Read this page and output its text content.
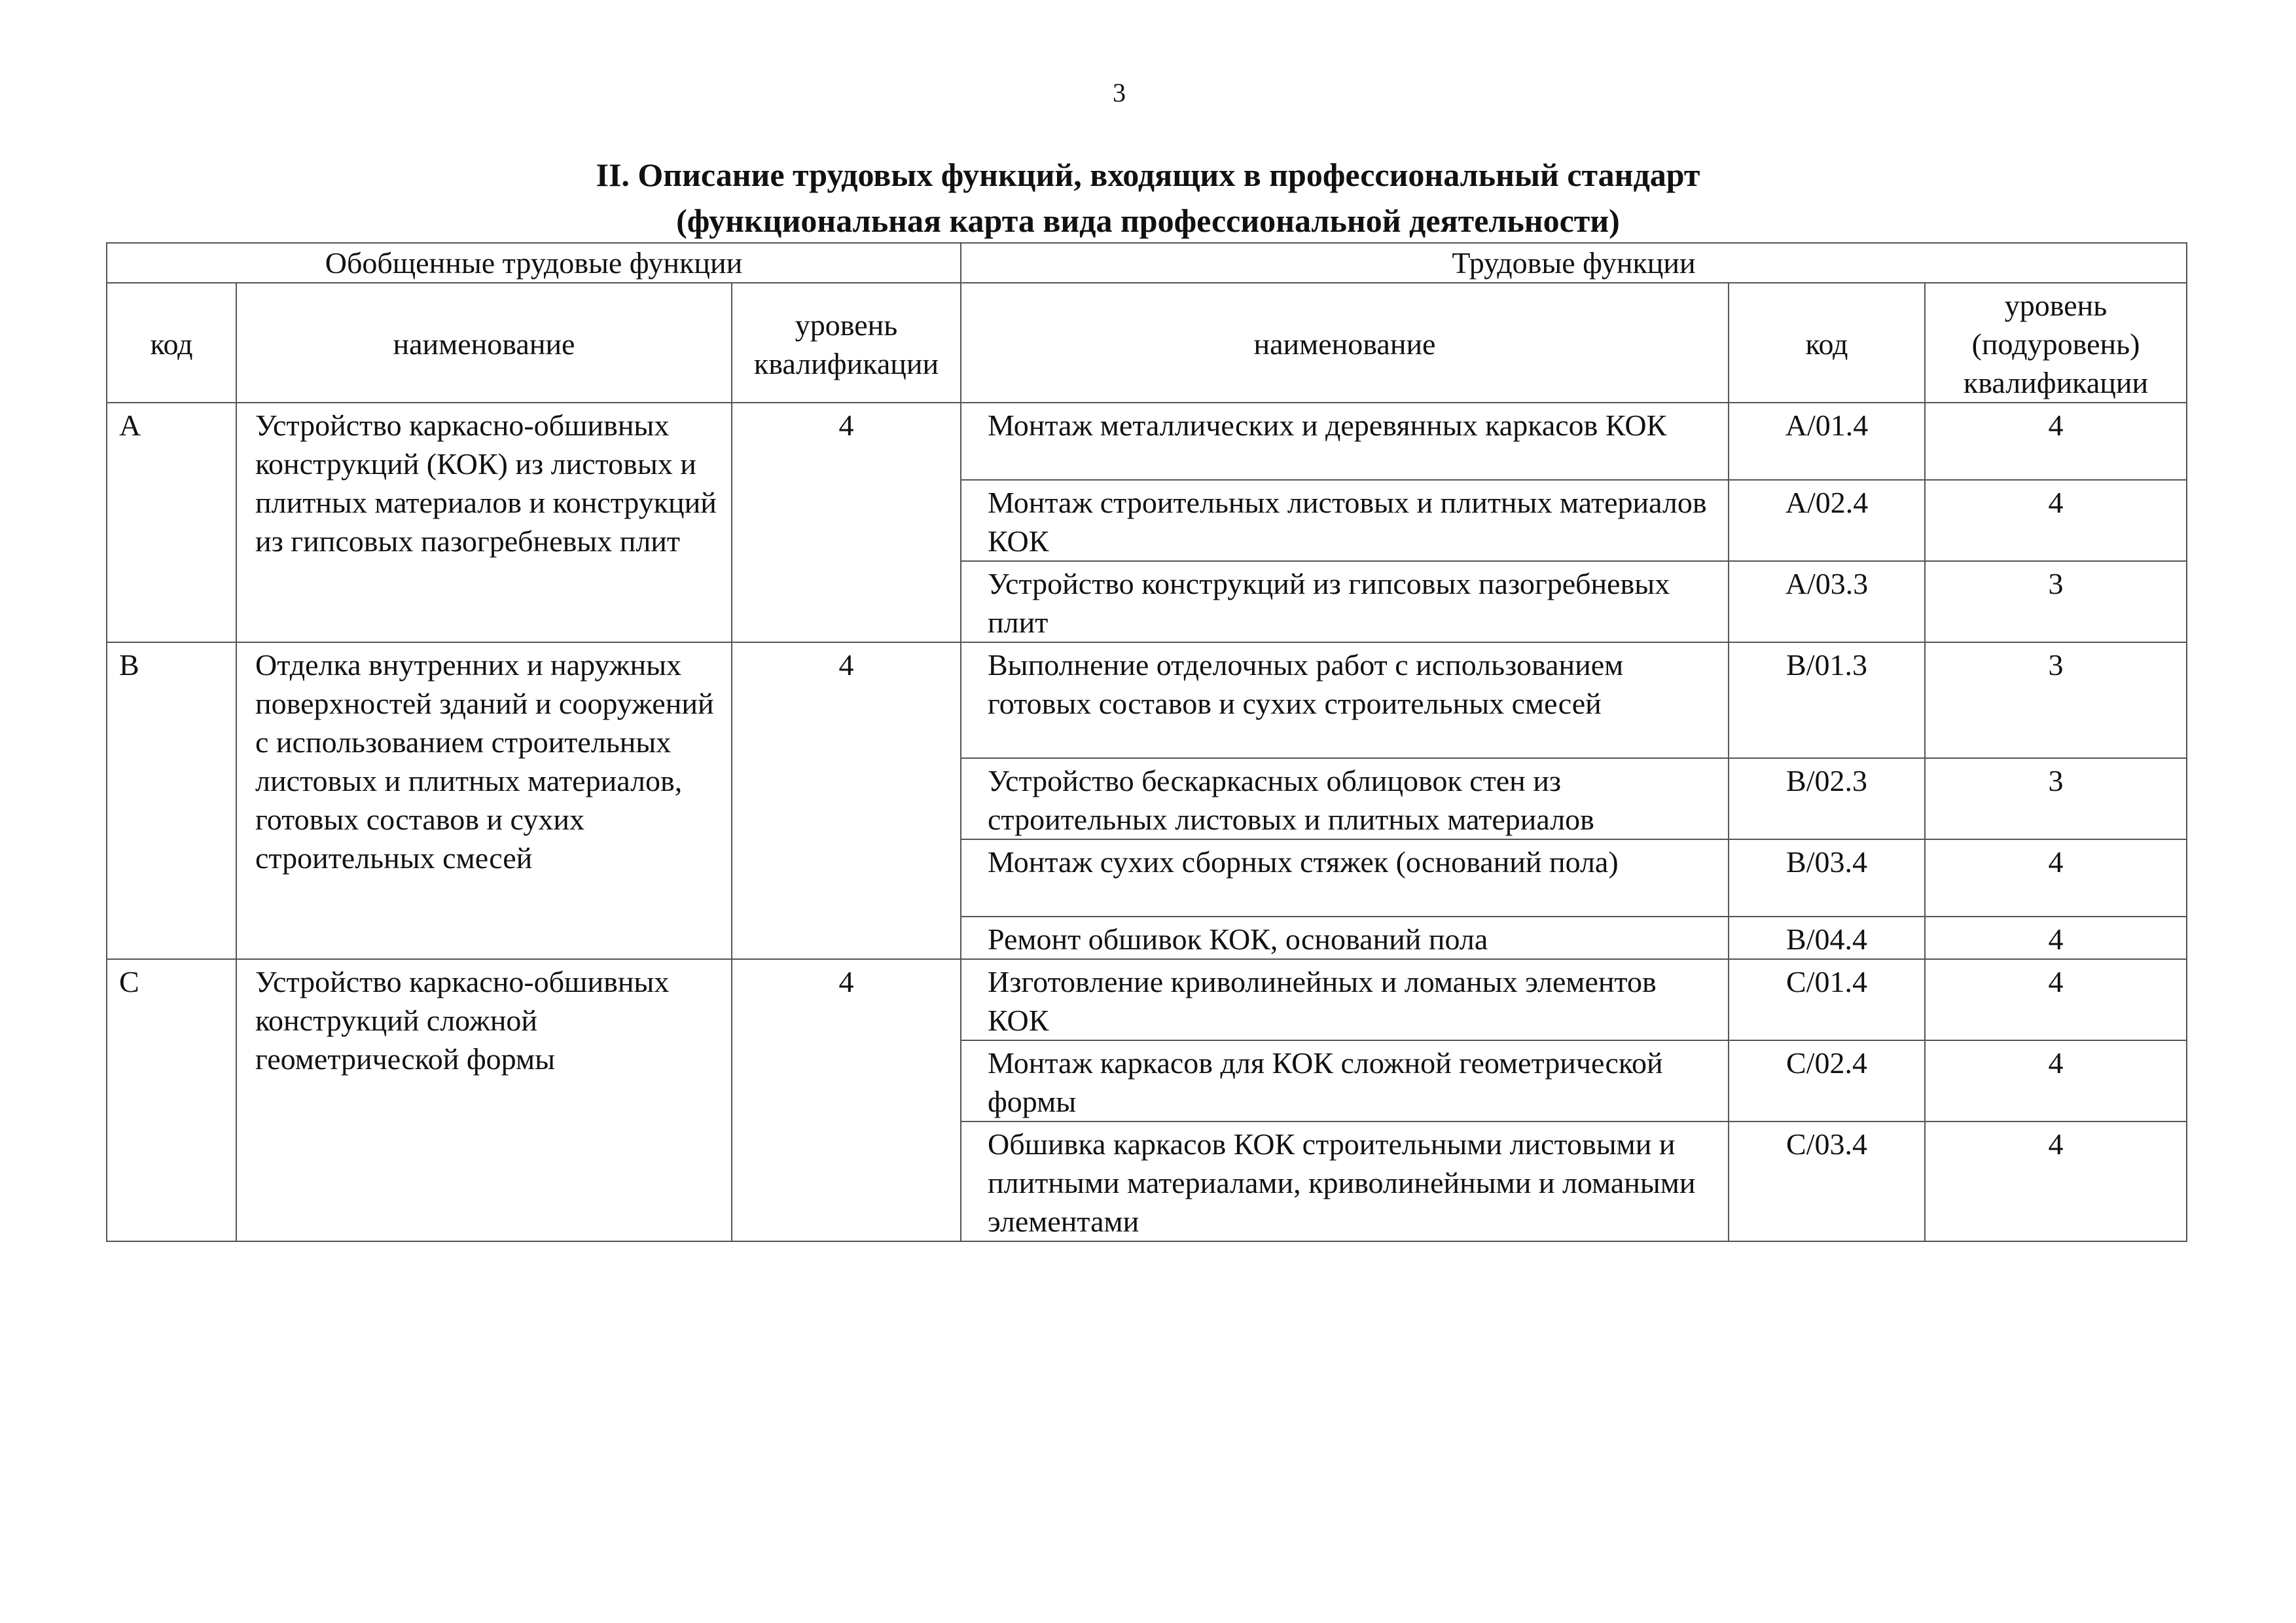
3
II. Описание трудовых функций, входящих в профессиональный стандарт
(функциональная карта вида профессиональной деятельности)
Обобщенные трудовые функции			Трудовые функции		
код	наименование	уровень квалификации	наименование	код	уровень (подуровень) квалификации
A	Устройство каркасно-обшивных конструкций (КОК) из листовых и плитных материалов и конструкций из гипсовых пазогребневых плит	4	Монтаж металлических и деревянных каркасов КОК	A/01.4	4
			Монтаж строительных листовых и плитных материалов КОК	A/02.4	4
			Устройство конструкций из гипсовых пазогребневых плит	A/03.3	3
B	Отделка внутренних и наружных поверхностей зданий и сооружений с использованием строительных листовых и плитных материалов, готовых составов и сухих строительных смесей	4	Выполнение отделочных работ с использованием готовых составов и сухих строительных смесей	B/01.3	3
			Устройство бескаркасных облицовок стен из строительных листовых и плитных материалов	B/02.3	3
			Монтаж сухих сборных стяжек (оснований пола)	B/03.4	4
			Ремонт обшивок КОК, оснований пола	B/04.4	4
C	Устройство каркасно-обшивных конструкций сложной геометрической формы	4	Изготовление криволинейных и ломаных элементов КОК	C/01.4	4
			Монтаж каркасов для КОК сложной геометрической формы	C/02.4	4
			Обшивка каркасов КОК строительными листовыми и плитными материалами, криволинейными и ломаными элементами	C/03.4	4
